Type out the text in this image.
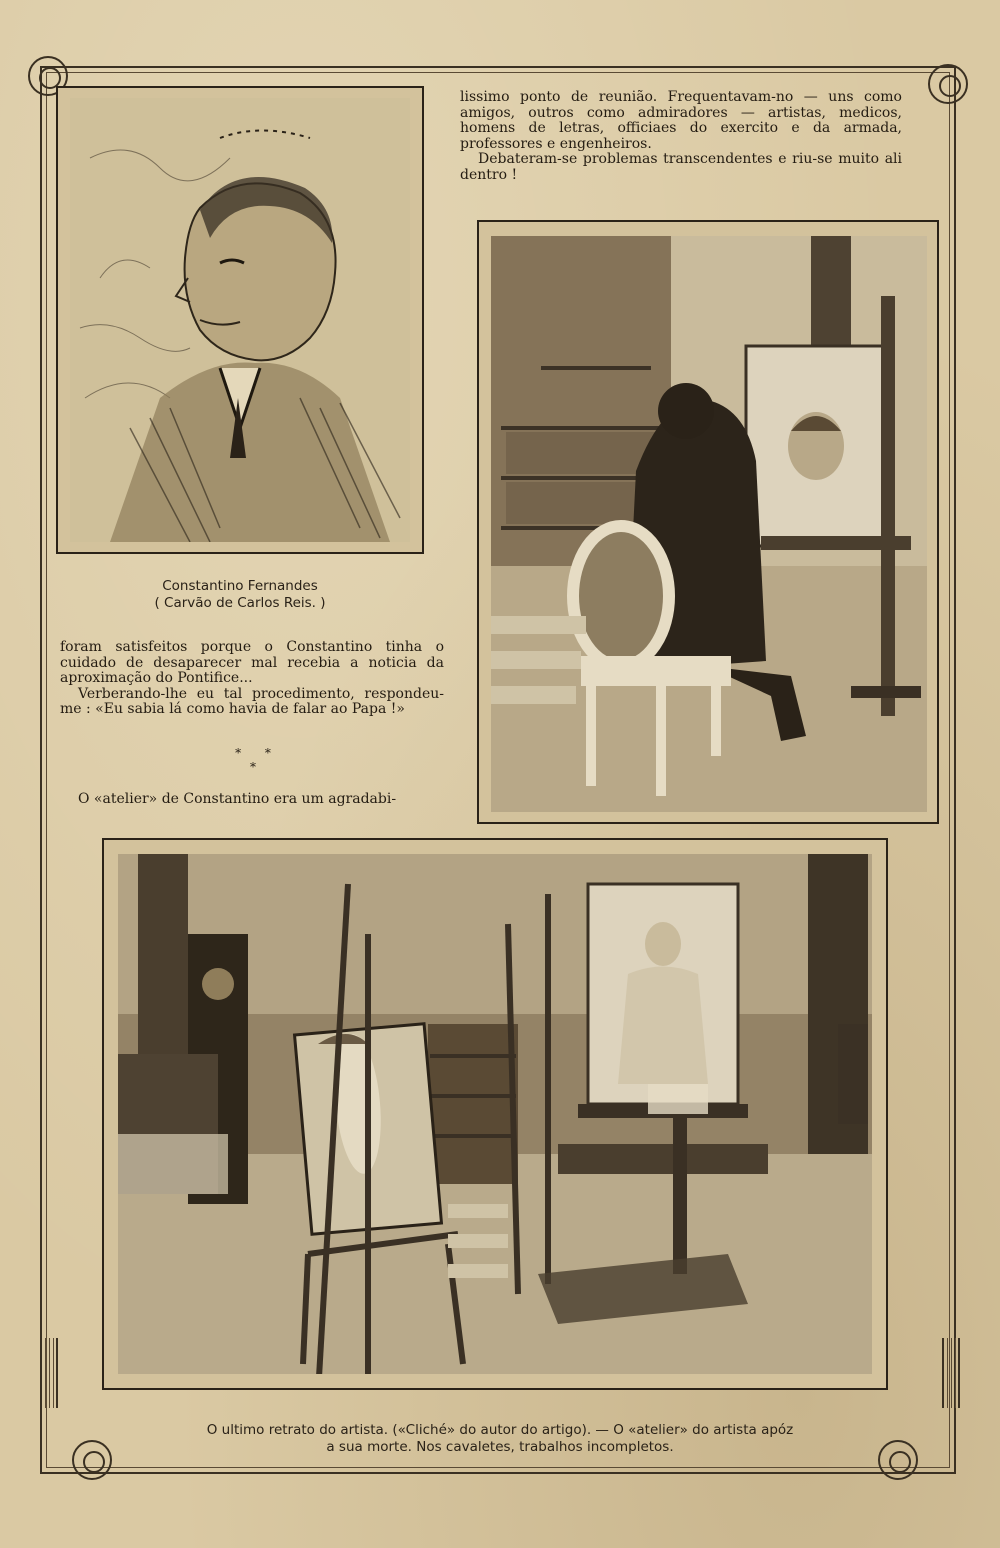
Constantino Fernandes
( Carvão de Carlos Reis. )

foram satisfeitos porque o Constantino tinha o cuidado de desaparecer mal recebia a noticia da aproximação do Pontifice...

Verberando-lhe eu tal procedimento, respondeu-me : «Eu sabia lá como havia de falar ao Papa !»

* * *
O «atelier» de Constantino era um agradabi-

lissimo ponto de reunião. Frequentavam-no — uns como amigos, outros como admiradores — artistas, medicos, homens de letras, officiaes do exercito e da armada, professores e engenheiros.

Debateram-se problemas transcendentes e riu-se muito ali dentro !

O ultimo retrato do artista. («Cliché» do autor do artigo). — O «atelier» do artista apóz
a sua morte. Nos cavaletes, trabalhos incompletos.
